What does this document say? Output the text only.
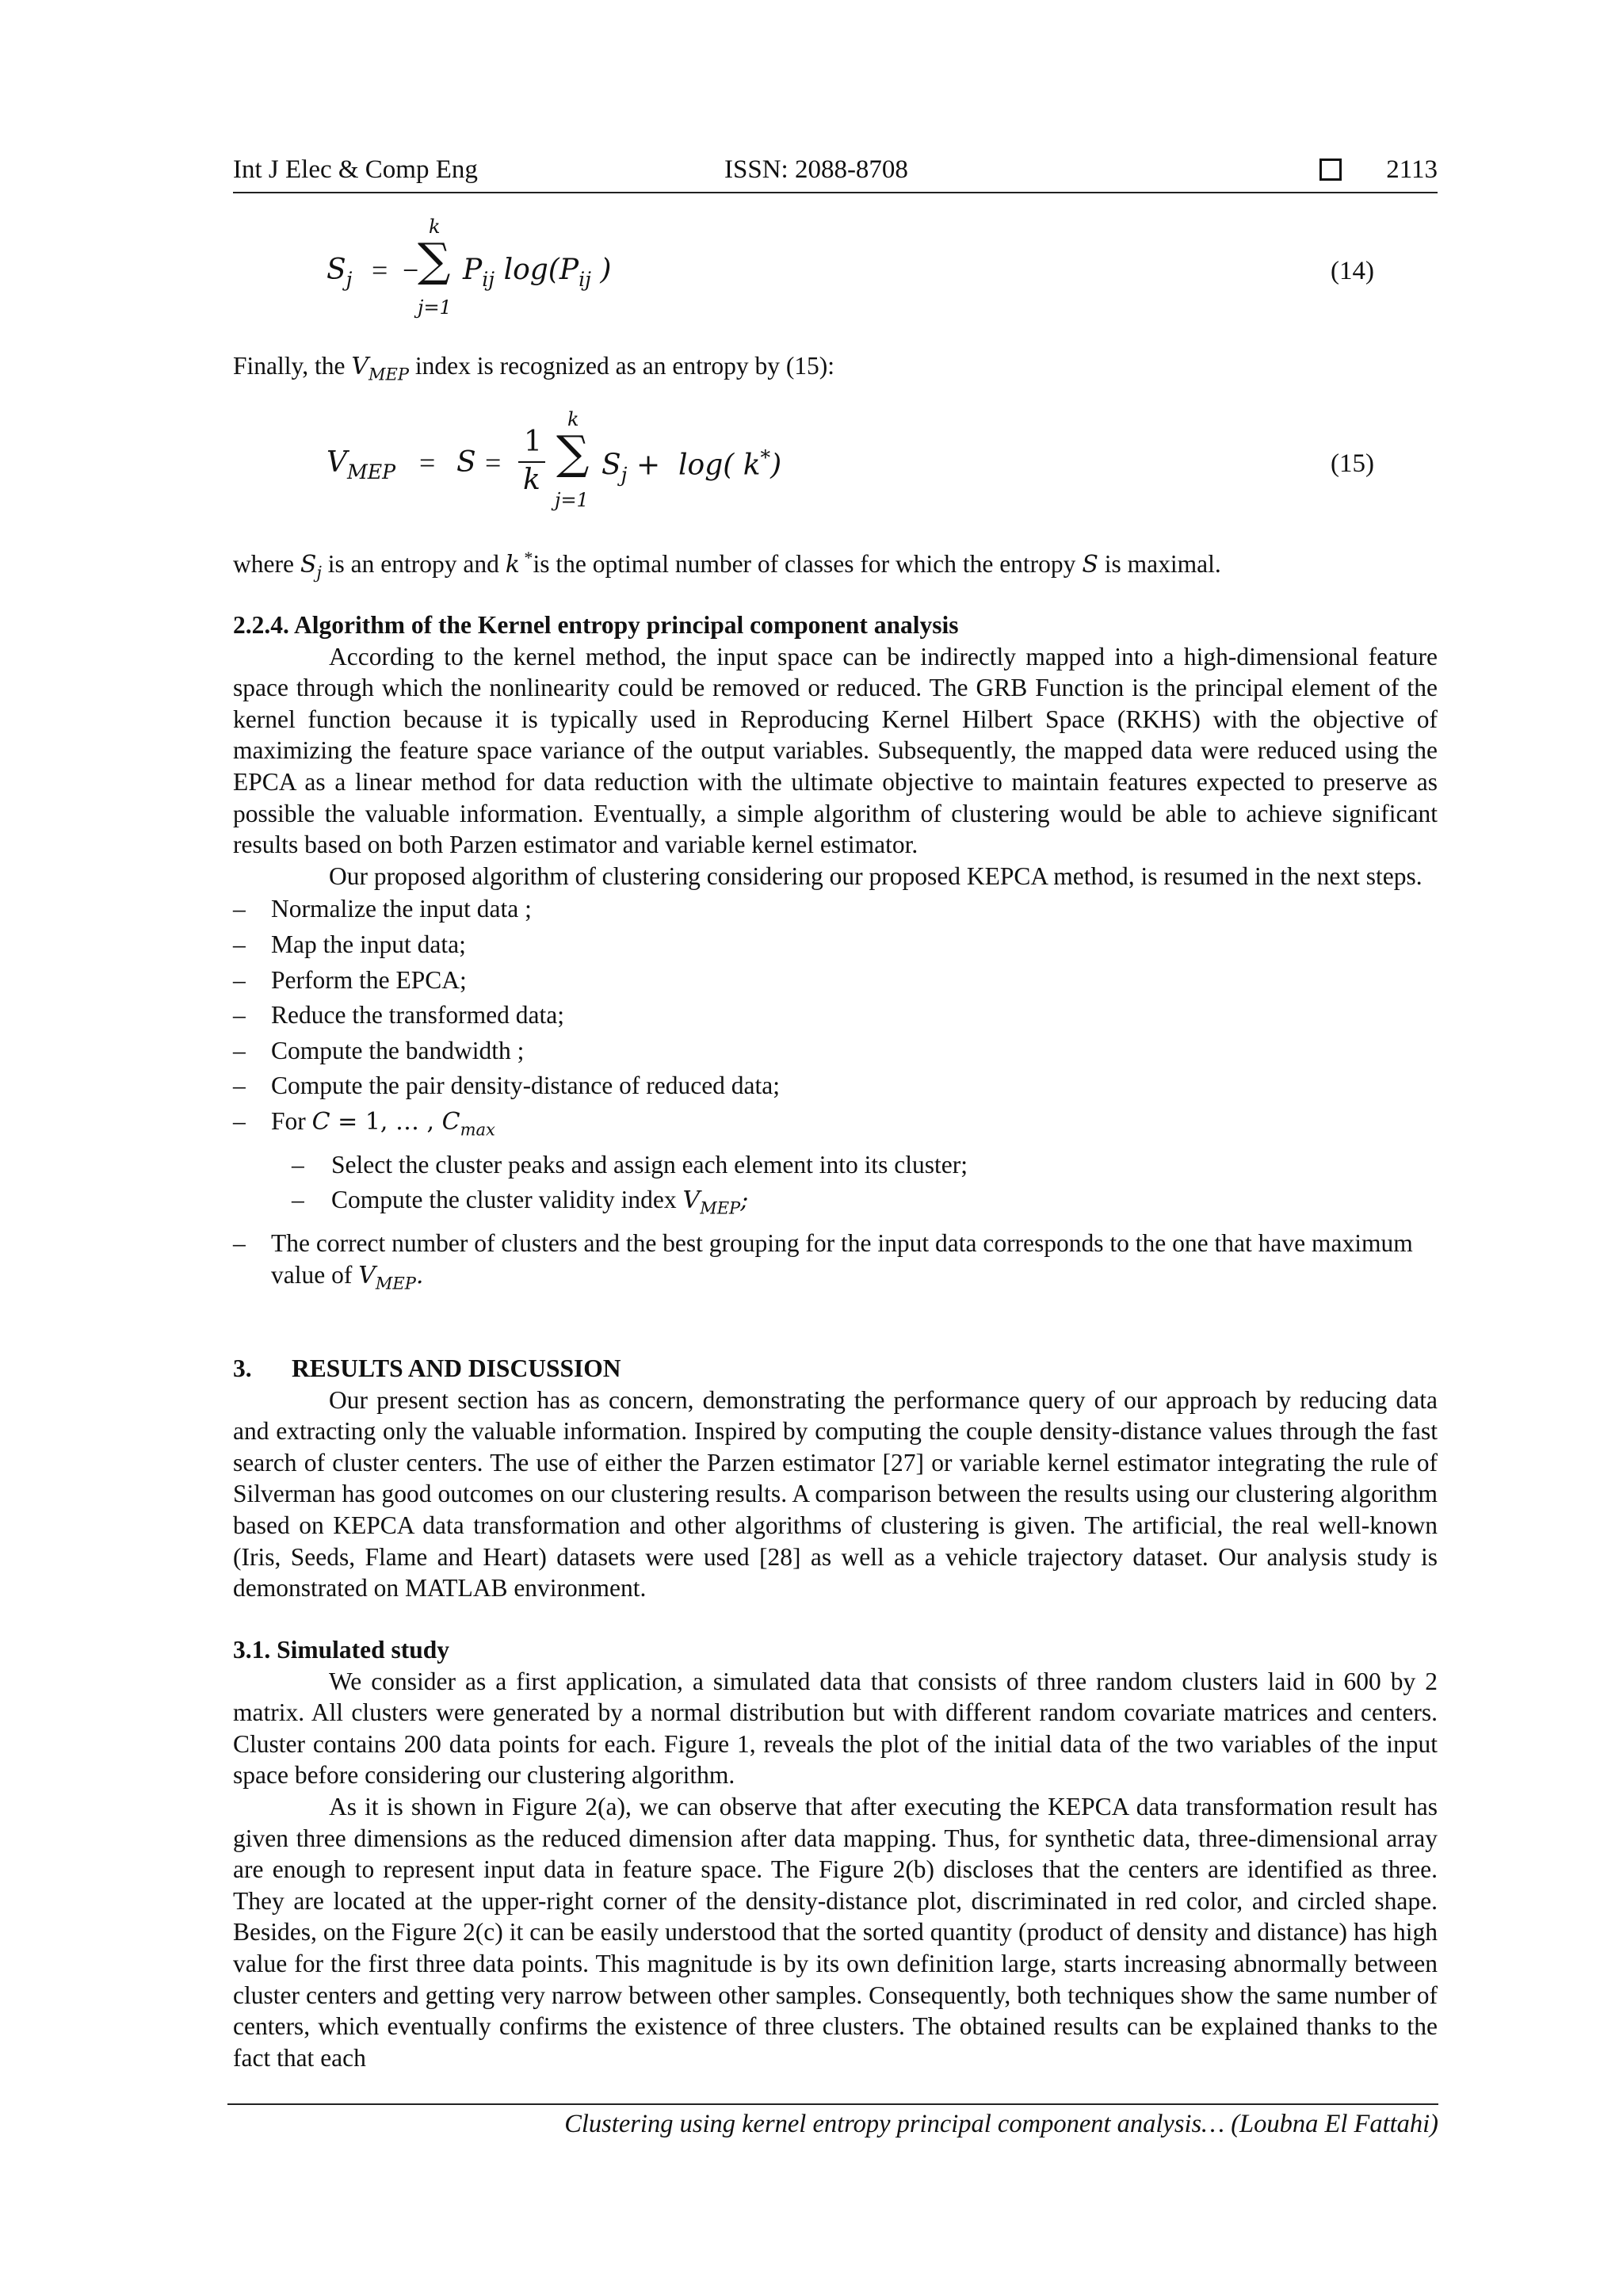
Int J Elec & Comp Eng	ISSN: 2088-8708	2113
$S_j$ = −
k
∑
j=1
$P_{ij}$ $\log(P_{ij}$ )	(14)
Finally, the $V_{MEP}$ index is recognized as an entropy by (15):
$V_{MEP} = S$ =
1
k
k
∑
j=1
$S_j + \log$( k*)	(15)
where $S_j$ is an entropy and k *is the optimal number of classes for which the entropy S is maximal.

2.2.4. Algorithm of the Kernel entropy principal component analysis

According to the kernel method, the input space can be indirectly mapped into a high-dimensional feature space through which the nonlinearity could be removed or reduced. The GRB Function is the principal element of the kernel function because it is typically used in Reproducing Kernel Hilbert Space (RKHS) with the objective of maximizing the feature space variance of the output variables. Subsequently, the mapped data were reduced using the EPCA as a linear method for data reduction with the ultimate objective to maintain features expected to preserve as possible the valuable information. Eventually, a simple algorithm of clustering would be able to achieve significant results based on both Parzen estimator and variable kernel estimator.

Our proposed algorithm of clustering considering our proposed KEPCA method, is resumed in the next steps.

– Normalize the input data ;
– Map the input data;
– Perform the EPCA;
– Reduce the transformed data;
– Compute the bandwidth ;
– Compute the pair density-distance of reduced data;
– For C = 1, … , $C_{max}$
– Select the cluster peaks and assign each element into its cluster;
– Compute the cluster validity index $V_{MEP}$;
– The correct number of clusters and the best grouping for the input data corresponds to the one that have maximum value of $V_{MEP}$.

3. RESULTS AND DISCUSSION

Our present section has as concern, demonstrating the performance query of our approach by reducing data and extracting only the valuable information. Inspired by computing the couple density-distance values through the fast search of cluster centers. The use of either the Parzen estimator [27] or variable kernel estimator integrating the rule of Silverman has good outcomes on our clustering results. A comparison between the results using our clustering algorithm based on KEPCA data transformation and other algorithms of clustering is given. The artificial, the real well-known (Iris, Seeds, Flame and Heart) datasets were used [28] as well as a vehicle trajectory dataset. Our analysis study is demonstrated on MATLAB environment.

3.1. Simulated study

We consider as a first application, a simulated data that consists of three random clusters laid in 600 by 2 matrix. All clusters were generated by a normal distribution but with different random covariate matrices and centers. Cluster contains 200 data points for each. Figure 1, reveals the plot of the initial data of the two variables of the input space before considering our clustering algorithm.

As it is shown in Figure 2(a), we can observe that after executing the KEPCA data transformation result has given three dimensions as the reduced dimension after data mapping. Thus, for synthetic data, three-dimensional array are enough to represent input data in feature space. The Figure 2(b) discloses that the centers are identified as three. They are located at the upper-right corner of the density-distance plot, discriminated in red color, and circled shape. Besides, on the Figure 2(c) it can be easily understood that the sorted quantity (product of density and distance) has high value for the first three data points. This magnitude is by its own definition large, starts increasing abnormally between cluster centers and getting very narrow between other samples. Consequently, both techniques show the same number of centers, which eventually confirms the existence of three clusters. The obtained results can be explained thanks to the fact that each

Clustering using kernel entropy principal component analysis… (Loubna El Fattahi)
